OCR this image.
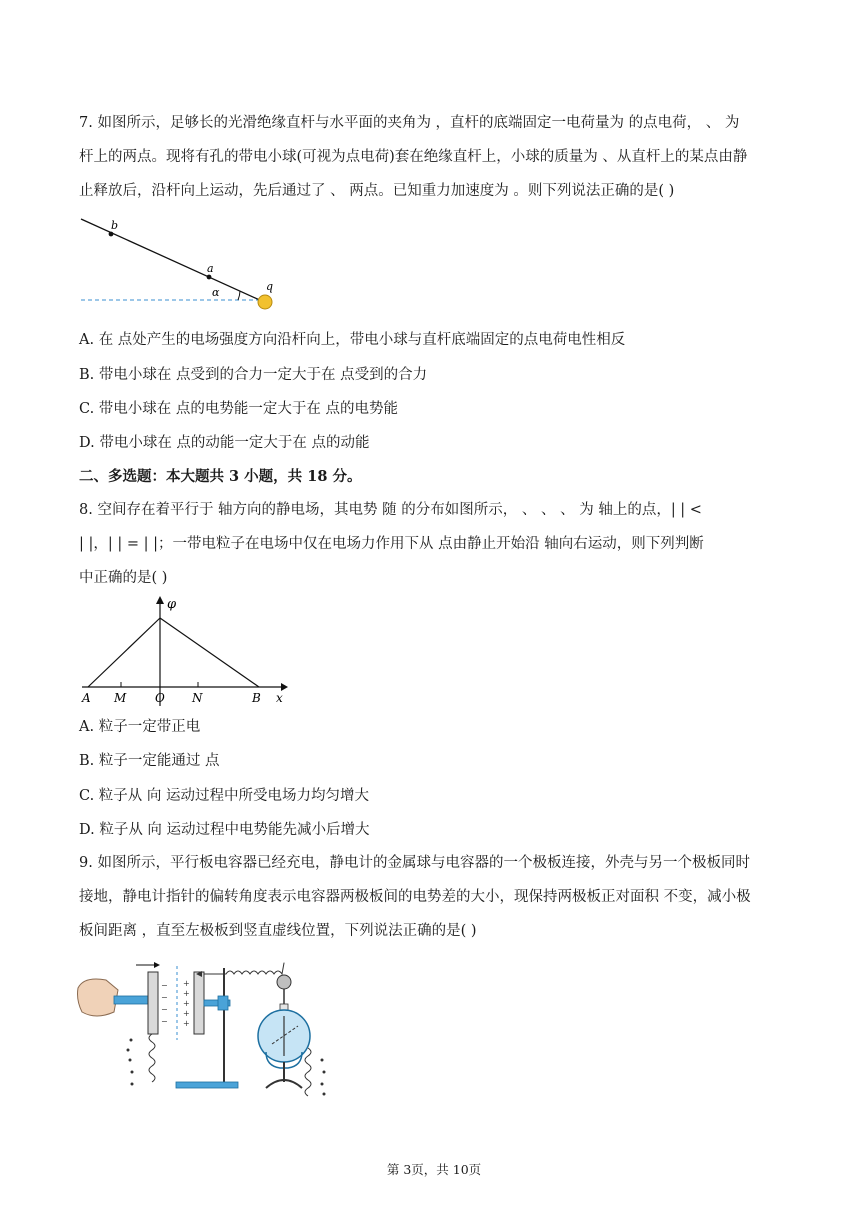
7. 如图所示，足够长的光滑绝缘直杆与水平面的夹角为 ，直杆的底端固定一电荷量为 的点电荷， 、 为
杆上的两点。现将有孔的带电小球(可视为点电荷)套在绝缘直杆上，小球的质量为 、从直杆上的某点由静
止释放后，沿杆向上运动，先后通过了 、 两点。已知重力加速度为 。则下列说法正确的是( )
b
a
α	q
A. 在 点处产生的电场强度方向沿杆向上，带电小球与直杆底端固定的点电荷电性相反
B. 带电小球在 点受到的合力一定大于在 点受到的合力
C. 带电小球在 点的电势能一定大于在 点的电势能
D. 带电小球在 点的动能一定大于在 点的动能
二、多选题：本大题共 3 小题，共 18 分。
8. 空间存在着平行于 轴方向的静电场，其电势 随 的分布如图所示， 、 、 、 为 轴上的点，| | <
| |，| | = | |；一带电粒子在电场中仅在电场力作用下从 点由静止开始沿 轴向右运动，则下列判断
中正确的是( )
φ
A M O N	B x
A. 粒子一定带正电
B. 粒子一定能通过 点
C. 粒子从 向 运动过程中所受电场力均匀增大
D. 粒子从 向 运动过程中电势能先减小后增大
9. 如图所示，平行板电容器已经充电，静电计的金属球与电容器的一个极板连接，外壳与另一个极板同时
接地，静电计指针的偏转角度表示电容器两极板间的电势差的大小，现保持两极板正对面积 不变，减小极
板间距离 ，直至左极板到竖直虚线位置，下列说法正确的是( )
−
−
−
−
+
+
+
+
+
第 3页，共 10页
